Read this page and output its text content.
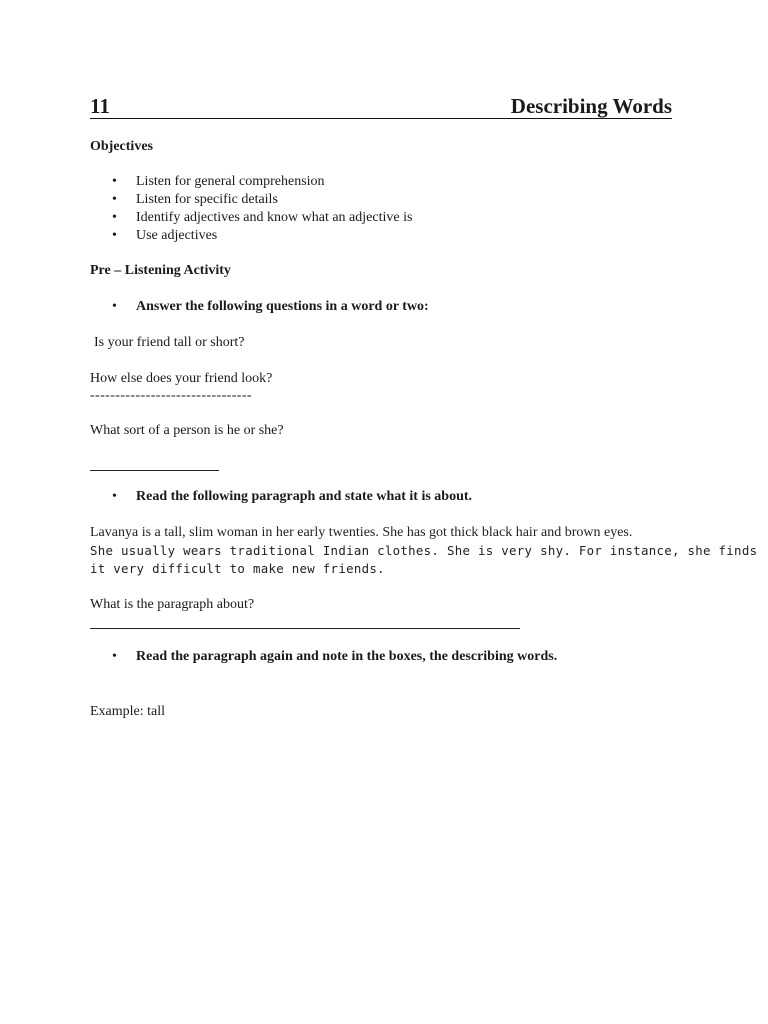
11	Describing Words
Objectives
• Listen for general comprehension
• Listen for specific details
• Identify adjectives and know what an adjective is
• Use adjectives
Pre – Listening Activity
• Answer the following questions in a word or two:
Is your friend tall or short?
How else does your friend look?
--------------------------------
What sort of a person is he or she?
• Read the following paragraph and state what it is about.
Lavanya is a tall, slim woman in her early twenties. She has got thick black hair and brown eyes.
She usually wears traditional Indian clothes. She is very shy. For instance, she finds
it very difficult to make new friends.
What is the paragraph about?
• Read the paragraph again and note in the boxes, the describing words.
Example: tall
